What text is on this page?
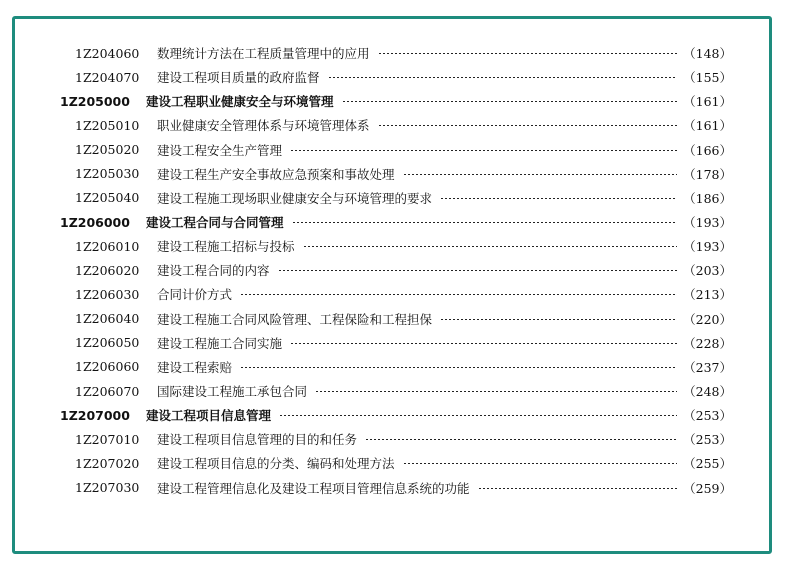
1Z204060	数理统计方法在工程质量管理中的应用	（148）
1Z204070	建设工程项目质量的政府监督	（155）
1Z205000	建设工程职业健康安全与环境管理	（161）
1Z205010	职业健康安全管理体系与环境管理体系	（161）
1Z205020	建设工程安全生产管理	（166）
1Z205030	建设工程生产安全事故应急预案和事故处理	（178）
1Z205040	建设工程施工现场职业健康安全与环境管理的要求	（186）
1Z206000	建设工程合同与合同管理	（193）
1Z206010	建设工程施工招标与投标	（193）
1Z206020	建设工程合同的内容	（203）
1Z206030	合同计价方式	（213）
1Z206040	建设工程施工合同风险管理、工程保险和工程担保	（220）
1Z206050	建设工程施工合同实施	（228）
1Z206060	建设工程索赔	（237）
1Z206070	国际建设工程施工承包合同	（248）
1Z207000	建设工程项目信息管理	（253）
1Z207010	建设工程项目信息管理的目的和任务	（253）
1Z207020	建设工程项目信息的分类、编码和处理方法	（255）
1Z207030	建设工程管理信息化及建设工程项目管理信息系统的功能	（259）
